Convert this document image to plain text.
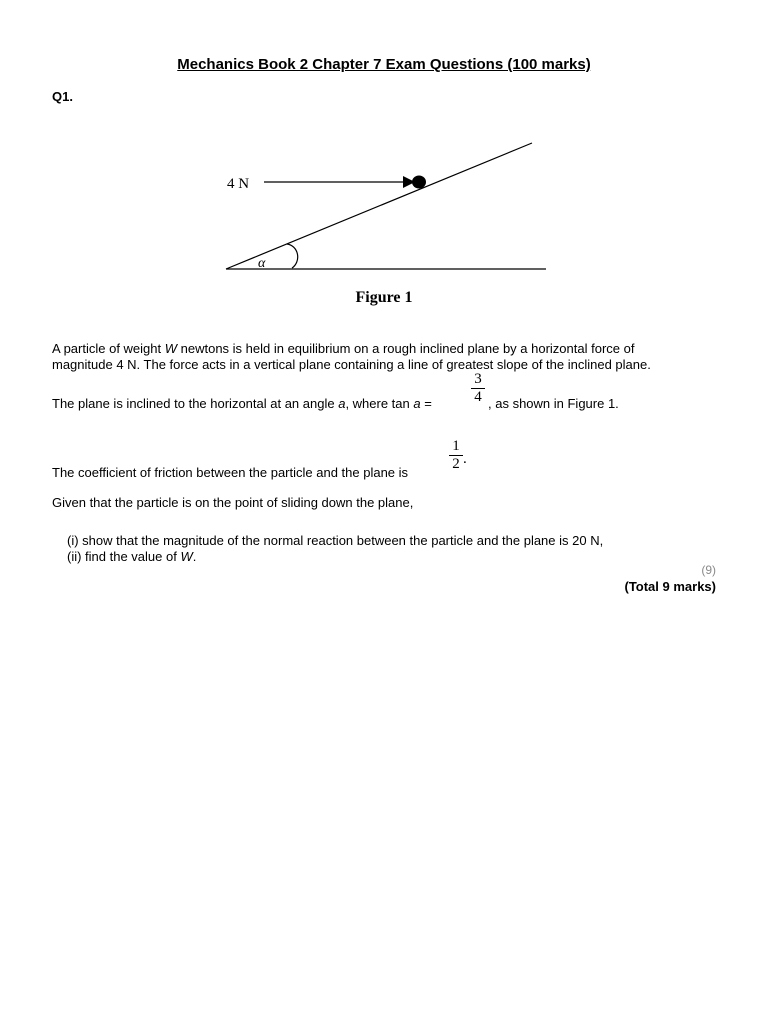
Mechanics Book 2 Chapter 7 Exam Questions (100 marks)
Q1.
4 N
α
Figure 1
A particle of weight W newtons is held in equilibrium on a rough inclined plane by a horizontal force of
magnitude 4 N. The force acts in a vertical plane containing a line of greatest slope of the inclined plane.
The plane is inclined to the horizontal at an angle a, where tan a =	$\frac{3}{4}$ , as shown in Figure 1.
The coefficient of friction between the particle and the plane is	$\frac{1}{2}$ .
Given that the particle is on the point of sliding down the plane,
(i) show that the magnitude of the normal reaction between the particle and the plane is 20 N,
(ii) find the value of W.
(9)
(Total 9 marks)
